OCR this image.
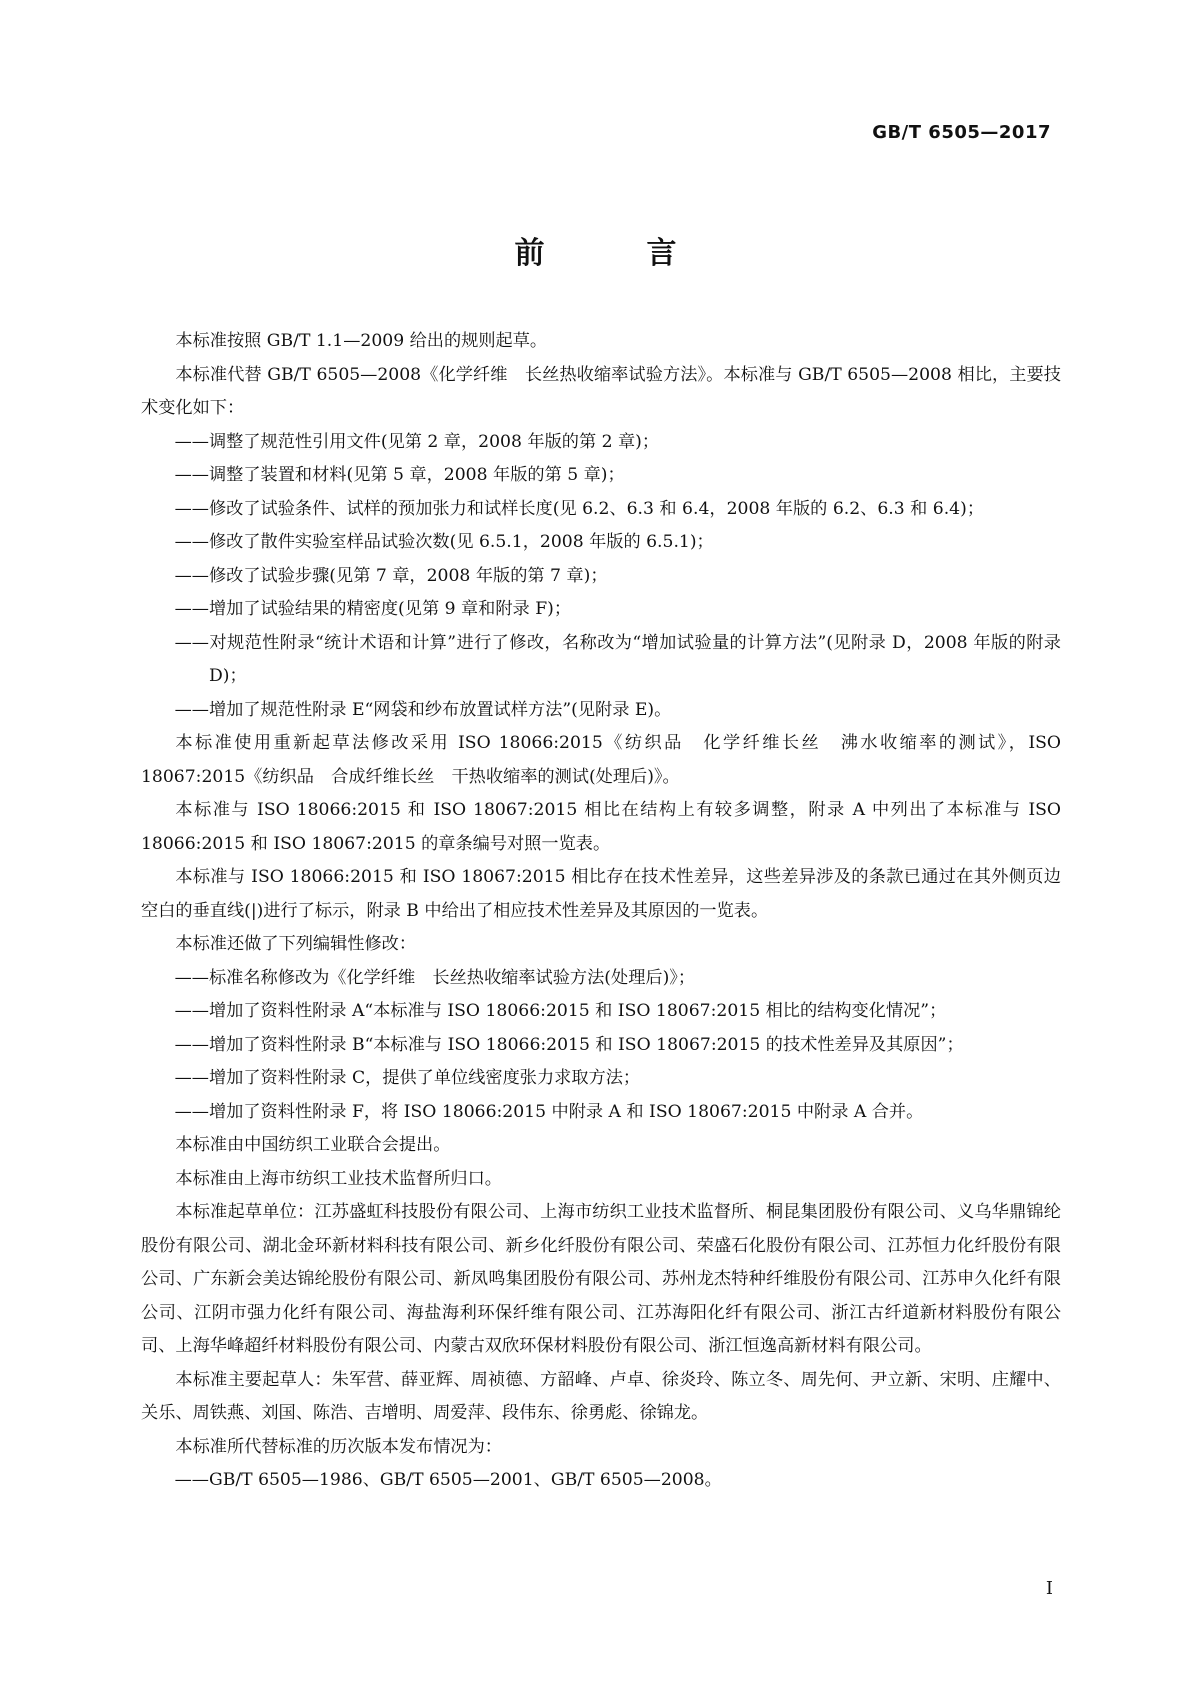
GB/T 6505—2017
前　言
本标准按照 GB/T 1.1—2009 给出的规则起草。
本标准代替 GB/T 6505—2008《化学纤维　长丝热收缩率试验方法》。本标准与 GB/T 6505—2008 相比，主要技术变化如下：
——调整了规范性引用文件(见第 2 章，2008 年版的第 2 章)；
——调整了装置和材料(见第 5 章，2008 年版的第 5 章)；
——修改了试验条件、试样的预加张力和试样长度(见 6.2、6.3 和 6.4，2008 年版的 6.2、6.3 和 6.4)；
——修改了散件实验室样品试验次数(见 6.5.1，2008 年版的 6.5.1)；
——修改了试验步骤(见第 7 章，2008 年版的第 7 章)；
——增加了试验结果的精密度(见第 9 章和附录 F)；
——对规范性附录“统计术语和计算”进行了修改，名称改为“增加试验量的计算方法”(见附录 D，2008 年版的附录 D)；
——增加了规范性附录 E“网袋和纱布放置试样方法”(见附录 E)。
本标准使用重新起草法修改采用 ISO 18066:2015《纺织品　化学纤维长丝　沸水收缩率的测试》，ISO 18067:2015《纺织品　合成纤维长丝　干热收缩率的测试(处理后)》。
本标准与 ISO 18066:2015 和 ISO 18067:2015 相比在结构上有较多调整，附录 A 中列出了本标准与 ISO 18066:2015 和 ISO 18067:2015 的章条编号对照一览表。
本标准与 ISO 18066:2015 和 ISO 18067:2015 相比存在技术性差异，这些差异涉及的条款已通过在其外侧页边空白的垂直线(|)进行了标示，附录 B 中给出了相应技术性差异及其原因的一览表。
本标准还做了下列编辑性修改：
——标准名称修改为《化学纤维　长丝热收缩率试验方法(处理后)》；
——增加了资料性附录 A“本标准与 ISO 18066:2015 和 ISO 18067:2015 相比的结构变化情况”；
——增加了资料性附录 B“本标准与 ISO 18066:2015 和 ISO 18067:2015 的技术性差异及其原因”；
——增加了资料性附录 C，提供了单位线密度张力求取方法；
——增加了资料性附录 F，将 ISO 18066:2015 中附录 A 和 ISO 18067:2015 中附录 A 合并。
本标准由中国纺织工业联合会提出。
本标准由上海市纺织工业技术监督所归口。
本标准起草单位：江苏盛虹科技股份有限公司、上海市纺织工业技术监督所、桐昆集团股份有限公司、义乌华鼎锦纶股份有限公司、湖北金环新材料科技有限公司、新乡化纤股份有限公司、荣盛石化股份有限公司、江苏恒力化纤股份有限公司、广东新会美达锦纶股份有限公司、新凤鸣集团股份有限公司、苏州龙杰特种纤维股份有限公司、江苏申久化纤有限公司、江阴市强力化纤有限公司、海盐海利环保纤维有限公司、江苏海阳化纤有限公司、浙江古纤道新材料股份有限公司、上海华峰超纤材料股份有限公司、内蒙古双欣环保材料股份有限公司、浙江恒逸高新材料有限公司。
本标准主要起草人：朱军营、薛亚辉、周祯德、方韶峰、卢卓、徐炎玲、陈立冬、周先何、尹立新、宋明、庄耀中、关乐、周铁燕、刘国、陈浩、吉增明、周爱萍、段伟东、徐勇彪、徐锦龙。
本标准所代替标准的历次版本发布情况为：
——GB/T 6505—1986、GB/T 6505—2001、GB/T 6505—2008。
I
